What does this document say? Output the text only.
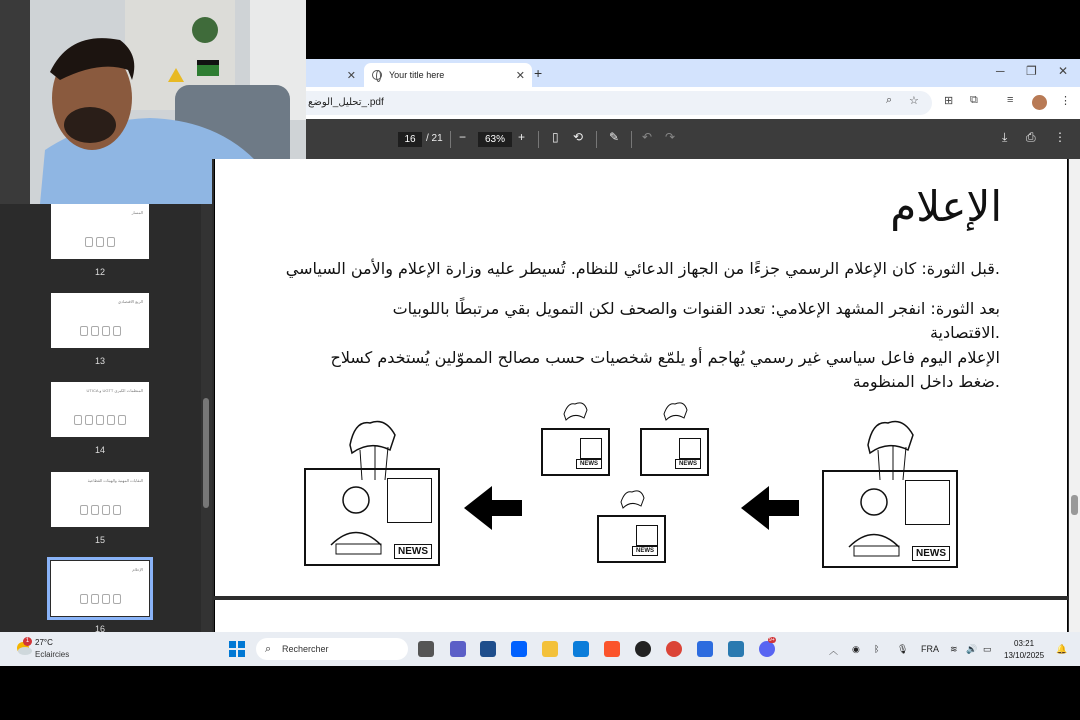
✕	Your title here	✕ +	─ ❐ ✕
تحليل_الوضع_.pdf	⌕ ☆ ⊞ ⧉	≡	⋮
16	/ 21 −	63%	+ ▯ ⟲ ✎ ↶ ↷	⤓ ⎙ ⋮
المسار
12
الربع الاقتصادي
13
UTICA و UGTT المنظمات الكبرى
14
النقابات المهنية والهيئات القطاعية
15
الإعلام
16
الإعلام
.قبل الثورة: كان الإعلام الرسمي جزءًا من الجهاز الدعائي للنظام. تُسيطر عليه وزارة الإعلام والأمن السياسي
بعد الثورة: انفجر المشهد الإعلامي: تعدد القنوات والصحف لكن التمويل بقي مرتبطًا باللوبيات
.الاقتصادية
الإعلام اليوم فاعل سياسي غير رسمي يُهاجم أو يلمّع شخصيات حسب مصالح المموّلين يُستخدم كسلاح
.ضغط داخل المنظومة
NEWS
NEWS	NEWS
NEWS	NEWS
1 27°C
Eclaircies	⌕ Rechercher
9+
︿ ◉ ᛒ 🎙 FRA ≋ 🔊 ▭
03:21
13/10/2025
🔔
